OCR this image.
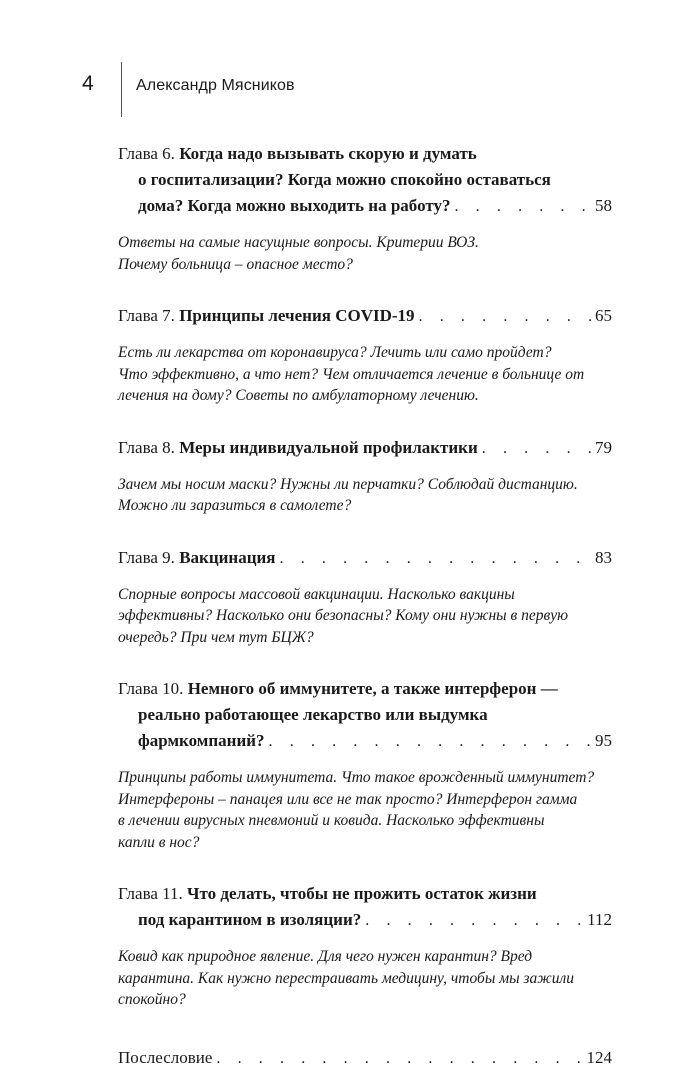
4	Александр Мясников
Глава 6. Когда надо вызывать скорую и думать
о госпитализации? Когда можно спокойно оставаться
дома? Когда можно выходить на работу? . . .	58
Ответы на самые насущные вопросы. Критерии ВОЗ.
Почему больница – опасное место?
Глава 7. Принципы лечения COVID-19 . . .	65
Есть ли лекарства от коронавируса? Лечить или само пройдет?
Что эффективно, а что нет? Чем отличается лечение в больнице от
лечения на дому? Советы по амбулаторному лечению.
Глава 8. Меры индивидуальной профилактики . . .	79
Зачем мы носим маски? Нужны ли перчатки? Соблюдай дистанцию.
Можно ли заразиться в самолете?
Глава 9. Вакцинация . . .	83
Спорные вопросы массовой вакцинации. Насколько вакцины
эффективны? Насколько они безопасны? Кому они нужны в первую
очередь? При чем тут БЦЖ?
Глава 10. Немного об иммунитете, а также интерферон —
реально работающее лекарство или выдумка
фармкомпаний? . . .	95
Принципы работы иммунитета. Что такое врожденный иммунитет?
Интерфероны – панацея или все не так просто? Интерферон гамма
в лечении вирусных пневмоний и ковида. Насколько эффективны
капли в нос?
Глава 11. Что делать, чтобы не прожить остаток жизни
под карантином в изоляции? . . .	112
Ковид как природное явление. Для чего нужен карантин? Вред
карантина. Как нужно перестраивать медицину, чтобы мы зажили
спокойно?
Послесловие . . .	124
